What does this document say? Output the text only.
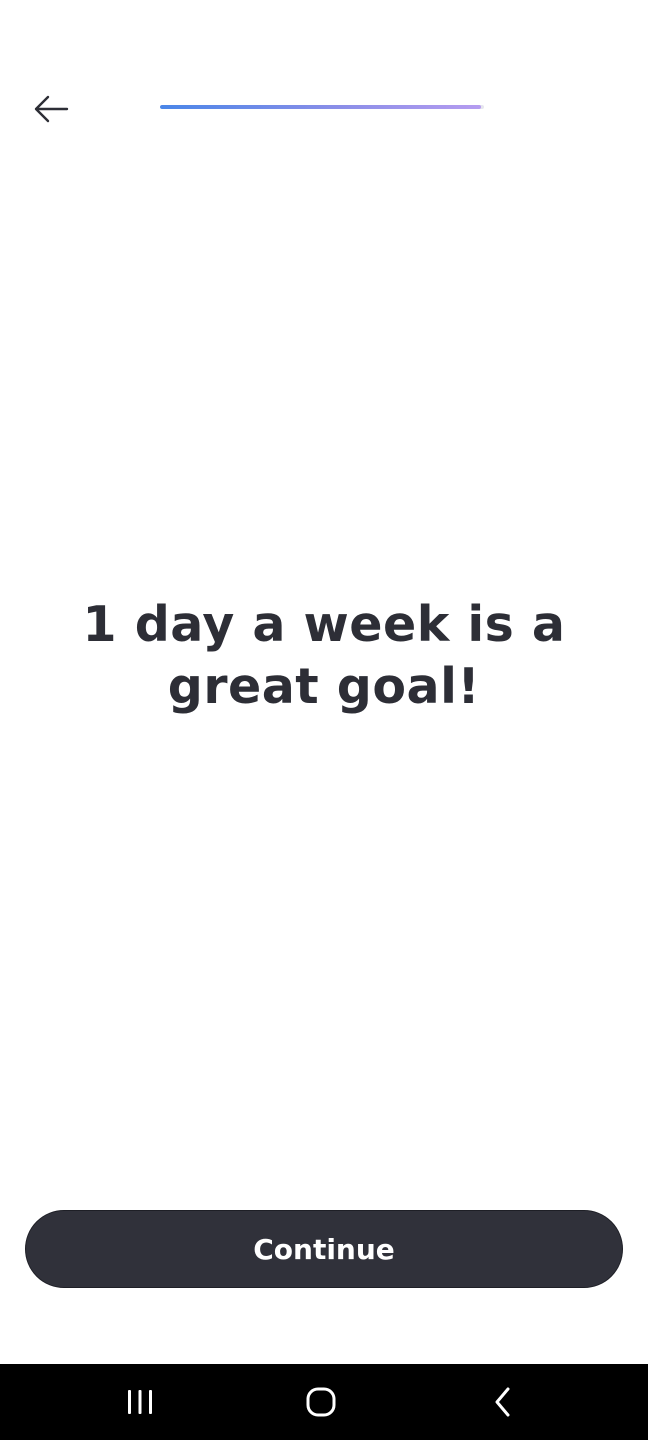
1 day a week is a great goal!
Continue
